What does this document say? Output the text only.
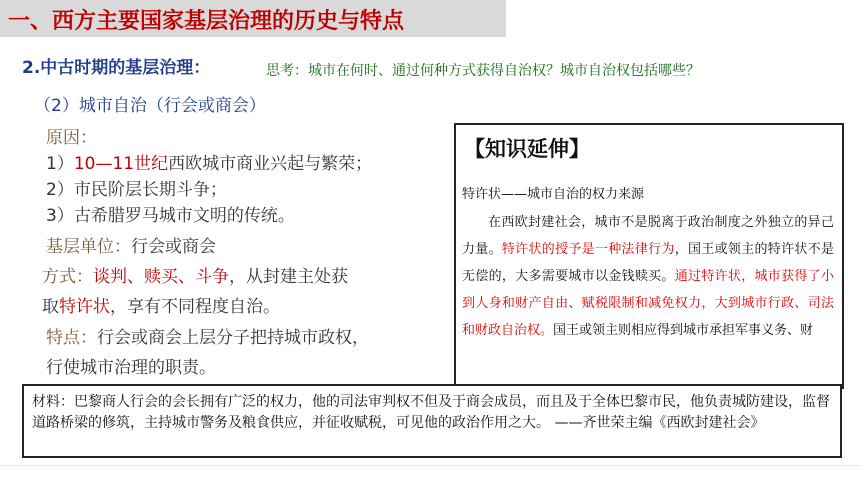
一、西方主要国家基层治理的历史与特点
2.中古时期的基层治理：	思考：城市在何时、通过何种方式获得自治权？城市自治权包括哪些？
（2）城市自治（行会或商会）
原因：
1）10—11世纪西欧城市商业兴起与繁荣；
2）市民阶层长期斗争；
3）古希腊罗马城市文明的传统。
基层单位：行会或商会
方式：谈判、赎买、斗争，从封建主处获
取特许状，享有不同程度自治。
特点：行会或商会上层分子把持城市政权，
行使城市治理的职责。
【知识延伸】
特许状——城市自治的权力来源
在西欧封建社会，城市不是脱离于政治制度之外独立的异己力量。特许状的授予是一种法律行为，国王或领主的特许状不是无偿的，大多需要城市以金钱赎买。通过特许状，城市获得了小到人身和财产自由、赋税限制和减免权力，大到城市行政、司法和财政自治权。国王或领主则相应得到城市承担军事义务、财
材料：巴黎商人行会的会长拥有广泛的权力，他的司法审判权不但及于商会成员，而且及于全体巴黎市民，他负责城防建设，监督道路桥梁的修筑，主持城市警务及粮食供应，并征收赋税，可见他的政治作用之大。 ——齐世荣主编《西欧封建社会》
